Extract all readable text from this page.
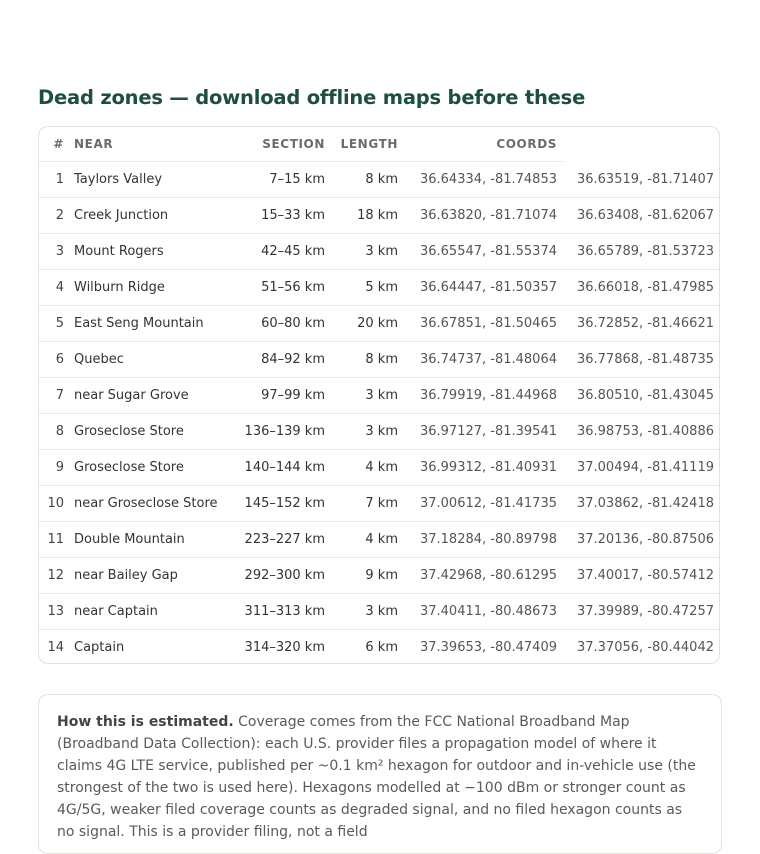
Dead zones — download offline maps before these
#	NEAR	SECTION	LENGTH	COORDS	
1	Taylors Valley	7–15 km	8 km	36.64334, -81.74853	36.63519, -81.71407
2	Creek Junction	15–33 km	18 km	36.63820, -81.71074	36.63408, -81.62067
3	Mount Rogers	42–45 km	3 km	36.65547, -81.55374	36.65789, -81.53723
4	Wilburn Ridge	51–56 km	5 km	36.64447, -81.50357	36.66018, -81.47985
5	East Seng Mountain	60–80 km	20 km	36.67851, -81.50465	36.72852, -81.46621
6	Quebec	84–92 km	8 km	36.74737, -81.48064	36.77868, -81.48735
7	near Sugar Grove	97–99 km	3 km	36.79919, -81.44968	36.80510, -81.43045
8	Groseclose Store	136–139 km	3 km	36.97127, -81.39541	36.98753, -81.40886
9	Groseclose Store	140–144 km	4 km	36.99312, -81.40931	37.00494, -81.41119
10	near Groseclose Store	145–152 km	7 km	37.00612, -81.41735	37.03862, -81.42418
11	Double Mountain	223–227 km	4 km	37.18284, -80.89798	37.20136, -80.87506
12	near Bailey Gap	292–300 km	9 km	37.42968, -80.61295	37.40017, -80.57412
13	near Captain	311–313 km	3 km	37.40411, -80.48673	37.39989, -80.47257
14	Captain	314–320 km	6 km	37.39653, -80.47409	37.37056, -80.44042

How this is estimated. Coverage comes from the FCC National Broadband Map (Broadband Data Collection): each U.S. provider files a propagation model of where it claims 4G LTE service, published per ~0.1 km² hexagon for outdoor and in-vehicle use (the strongest of the two is used here). Hexagons modelled at −100 dBm or stronger count as 4G/5G, weaker filed coverage counts as degraded signal, and no filed hexagon counts as no signal. This is a provider filing, not a field
